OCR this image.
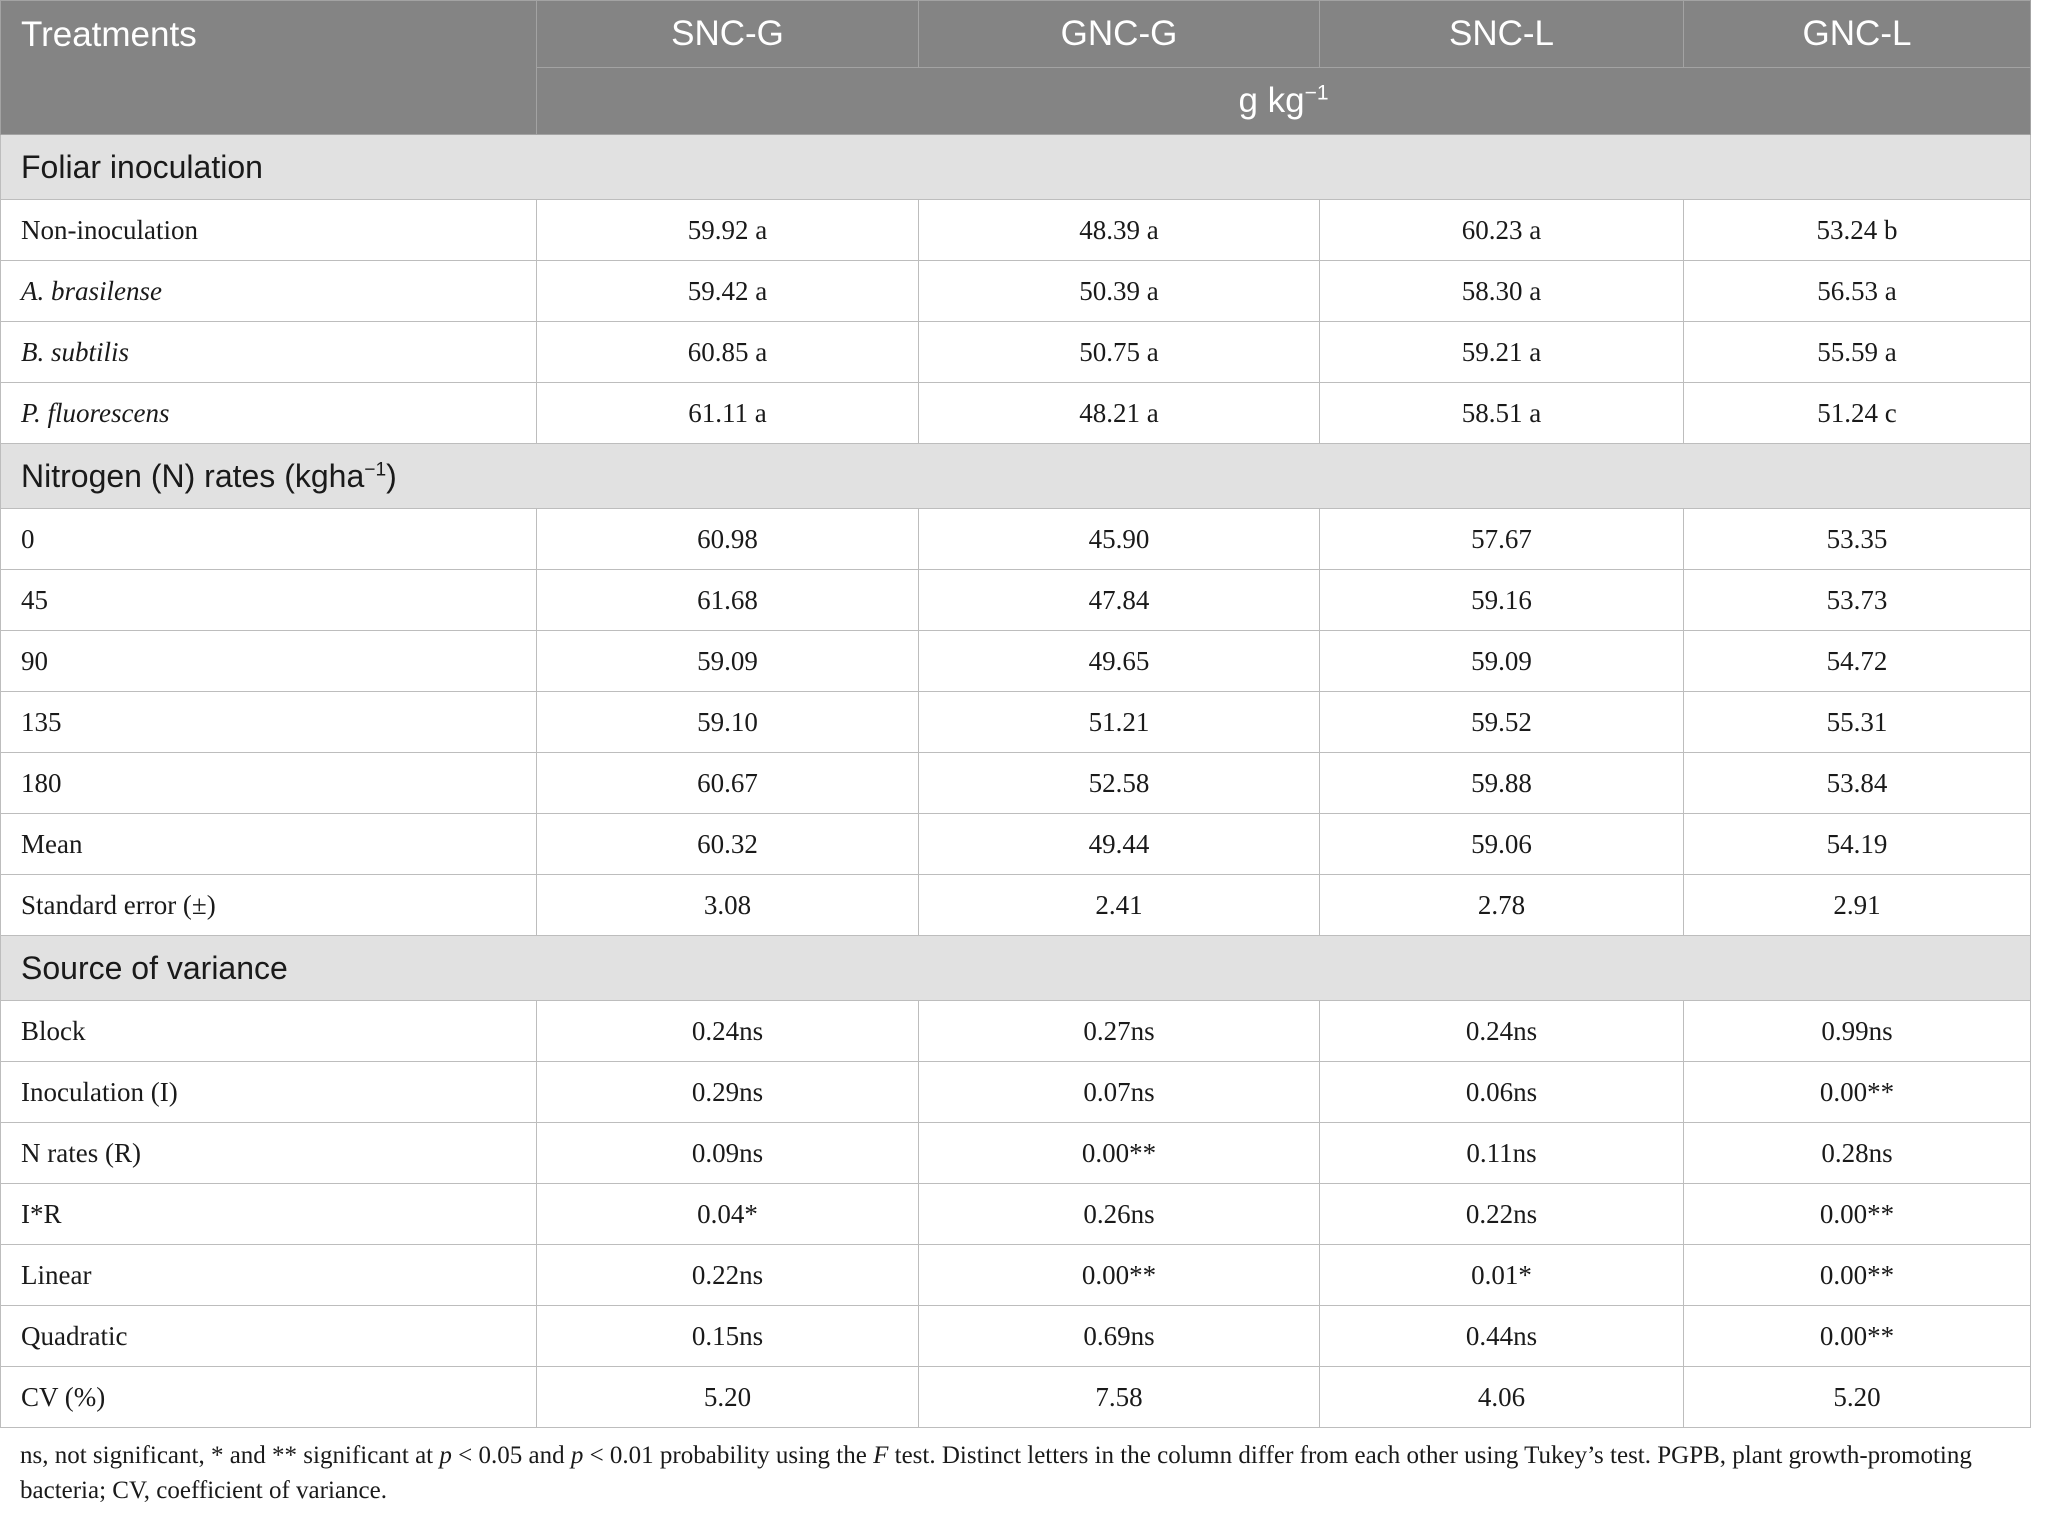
Treatments	SNC-G	GNC-G	SNC-L	GNC-L
	g $kg^{-1}$
Foliar inoculation				
Non-inoculation	59.92 a	48.39 a	60.23 a	53.24 b
A. brasilense	59.42 a	50.39 a	58.30 a	56.53 a
B. subtilis	60.85 a	50.75 a	59.21 a	55.59 a
P. fluorescens	61.11 a	48.21 a	58.51 a	51.24 c
Nitrogen (N) rates (kgha$^{-1}$)				
0	60.98	45.90	57.67	53.35
45	61.68	47.84	59.16	53.73
90	59.09	49.65	59.09	54.72
135	59.10	51.21	59.52	55.31
180	60.67	52.58	59.88	53.84
Mean	60.32	49.44	59.06	54.19
Standard error (±)	3.08	2.41	2.78	2.91
Source of variance				
Block	0.24ns	0.27ns	0.24ns	0.99ns
Inoculation (I)	0.29ns	0.07ns	0.06ns	0.00**
N rates (R)	0.09ns	0.00**	0.11ns	0.28ns
I*R	0.04*	0.26ns	0.22ns	0.00**
Linear	0.22ns	0.00**	0.01*	0.00**
Quadratic	0.15ns	0.69ns	0.44ns	0.00**
CV (%)	5.20	7.58	4.06	5.20
ns, not significant, * and ** significant at p < 0.05 and p < 0.01 probability using the F test. Distinct letters in the column differ from each other using Tukey’s test. PGPB, plant growth-promoting bacteria; CV, coefficient of variance.
